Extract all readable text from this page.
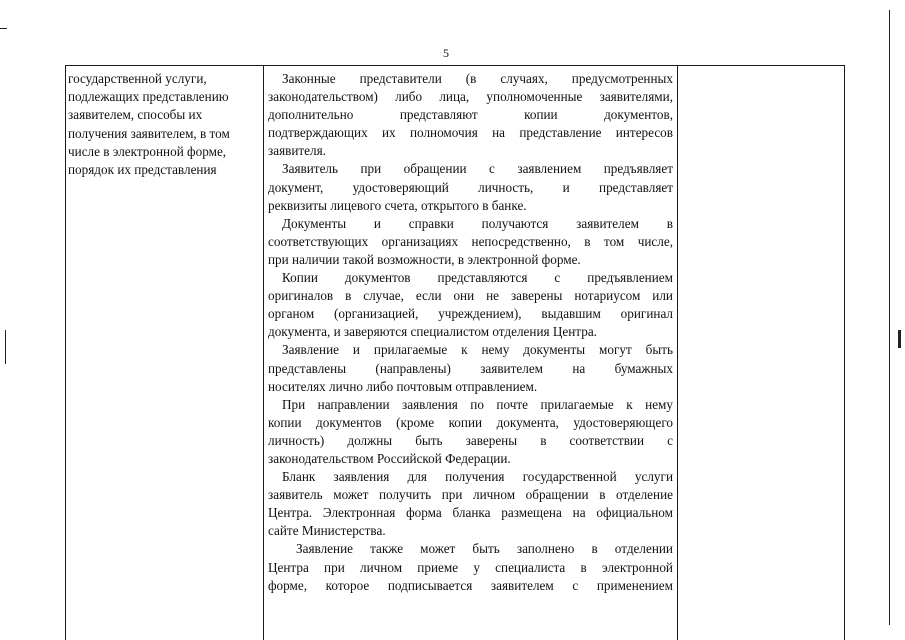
5
государственной услуги,
подлежащих представлению
заявителем, способы их
получения заявителем, в том
числе в электронной форме,
порядок их представления
Законные представители (в случаях, предусмотренных
законодательством) либо лица, уполномоченные заявителями,
дополнительно представляют копии документов,
подтверждающих их полномочия на представление интересов
заявителя.
Заявитель при обращении с заявлением предъявляет
документ, удостоверяющий личность, и представляет
реквизиты лицевого счета, открытого в банке.
Документы и справки получаются заявителем в
соответствующих организациях непосредственно, в том числе,
при наличии такой возможности, в электронной форме.
Копии документов представляются с предъявлением
оригиналов в случае, если они не заверены нотариусом или
органом (организацией, учреждением), выдавшим оригинал
документа, и заверяются специалистом отделения Центра.
Заявление и прилагаемые к нему документы могут быть
представлены (направлены) заявителем на бумажных
носителях лично либо почтовым отправлением.
При направлении заявления по почте прилагаемые к нему
копии документов (кроме копии документа, удостоверяющего
личность) должны быть заверены в соответствии с
законодательством Российской Федерации.
Бланк заявления для получения государственной услуги
заявитель может получить при личном обращении в отделение
Центра. Электронная форма бланка размещена на официальном
сайте Министерства.
Заявление также может быть заполнено в отделении
Центра при личном приеме у специалиста в электронной
форме, которое подписывается заявителем с применением
